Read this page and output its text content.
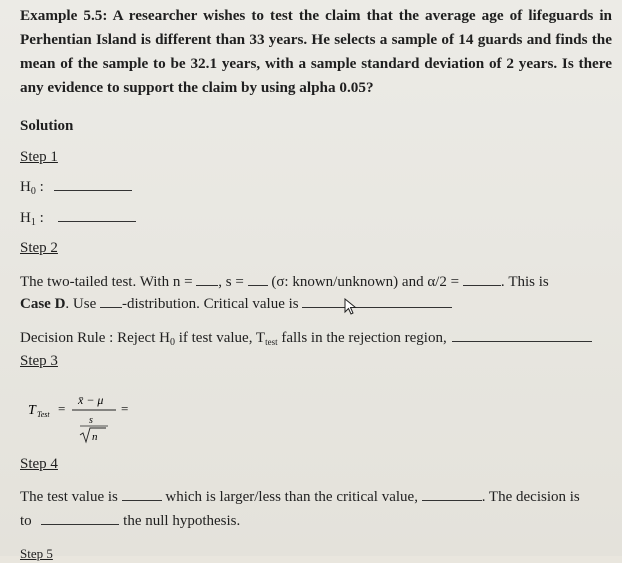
Example 5.5: A researcher wishes to test the claim that the average age of lifeguards in Perhentian Island is different than 33 years. He selects a sample of 14 guards and finds the mean of the sample to be 32.1 years, with a sample standard deviation of 2 years. Is there any evidence to support the claim by using alpha 0.05?
Solution
Step 1
$H_0$ :
$H_1$ :
Step 2
The two-tailed test. With n = , s = (σ: known/unknown) and α/2 =	. This is
Case D. Use -distribution. Critical value is
Decision Rule : Reject $H_0$ if test value, $T_{test}$ falls in the rejection region,
Step 3
T Test =
x̄ − μ
s
n
=
Step 4
The test value is	which is larger/less than the critical value,	. The decision is
to	the null hypothesis.
Step 5
